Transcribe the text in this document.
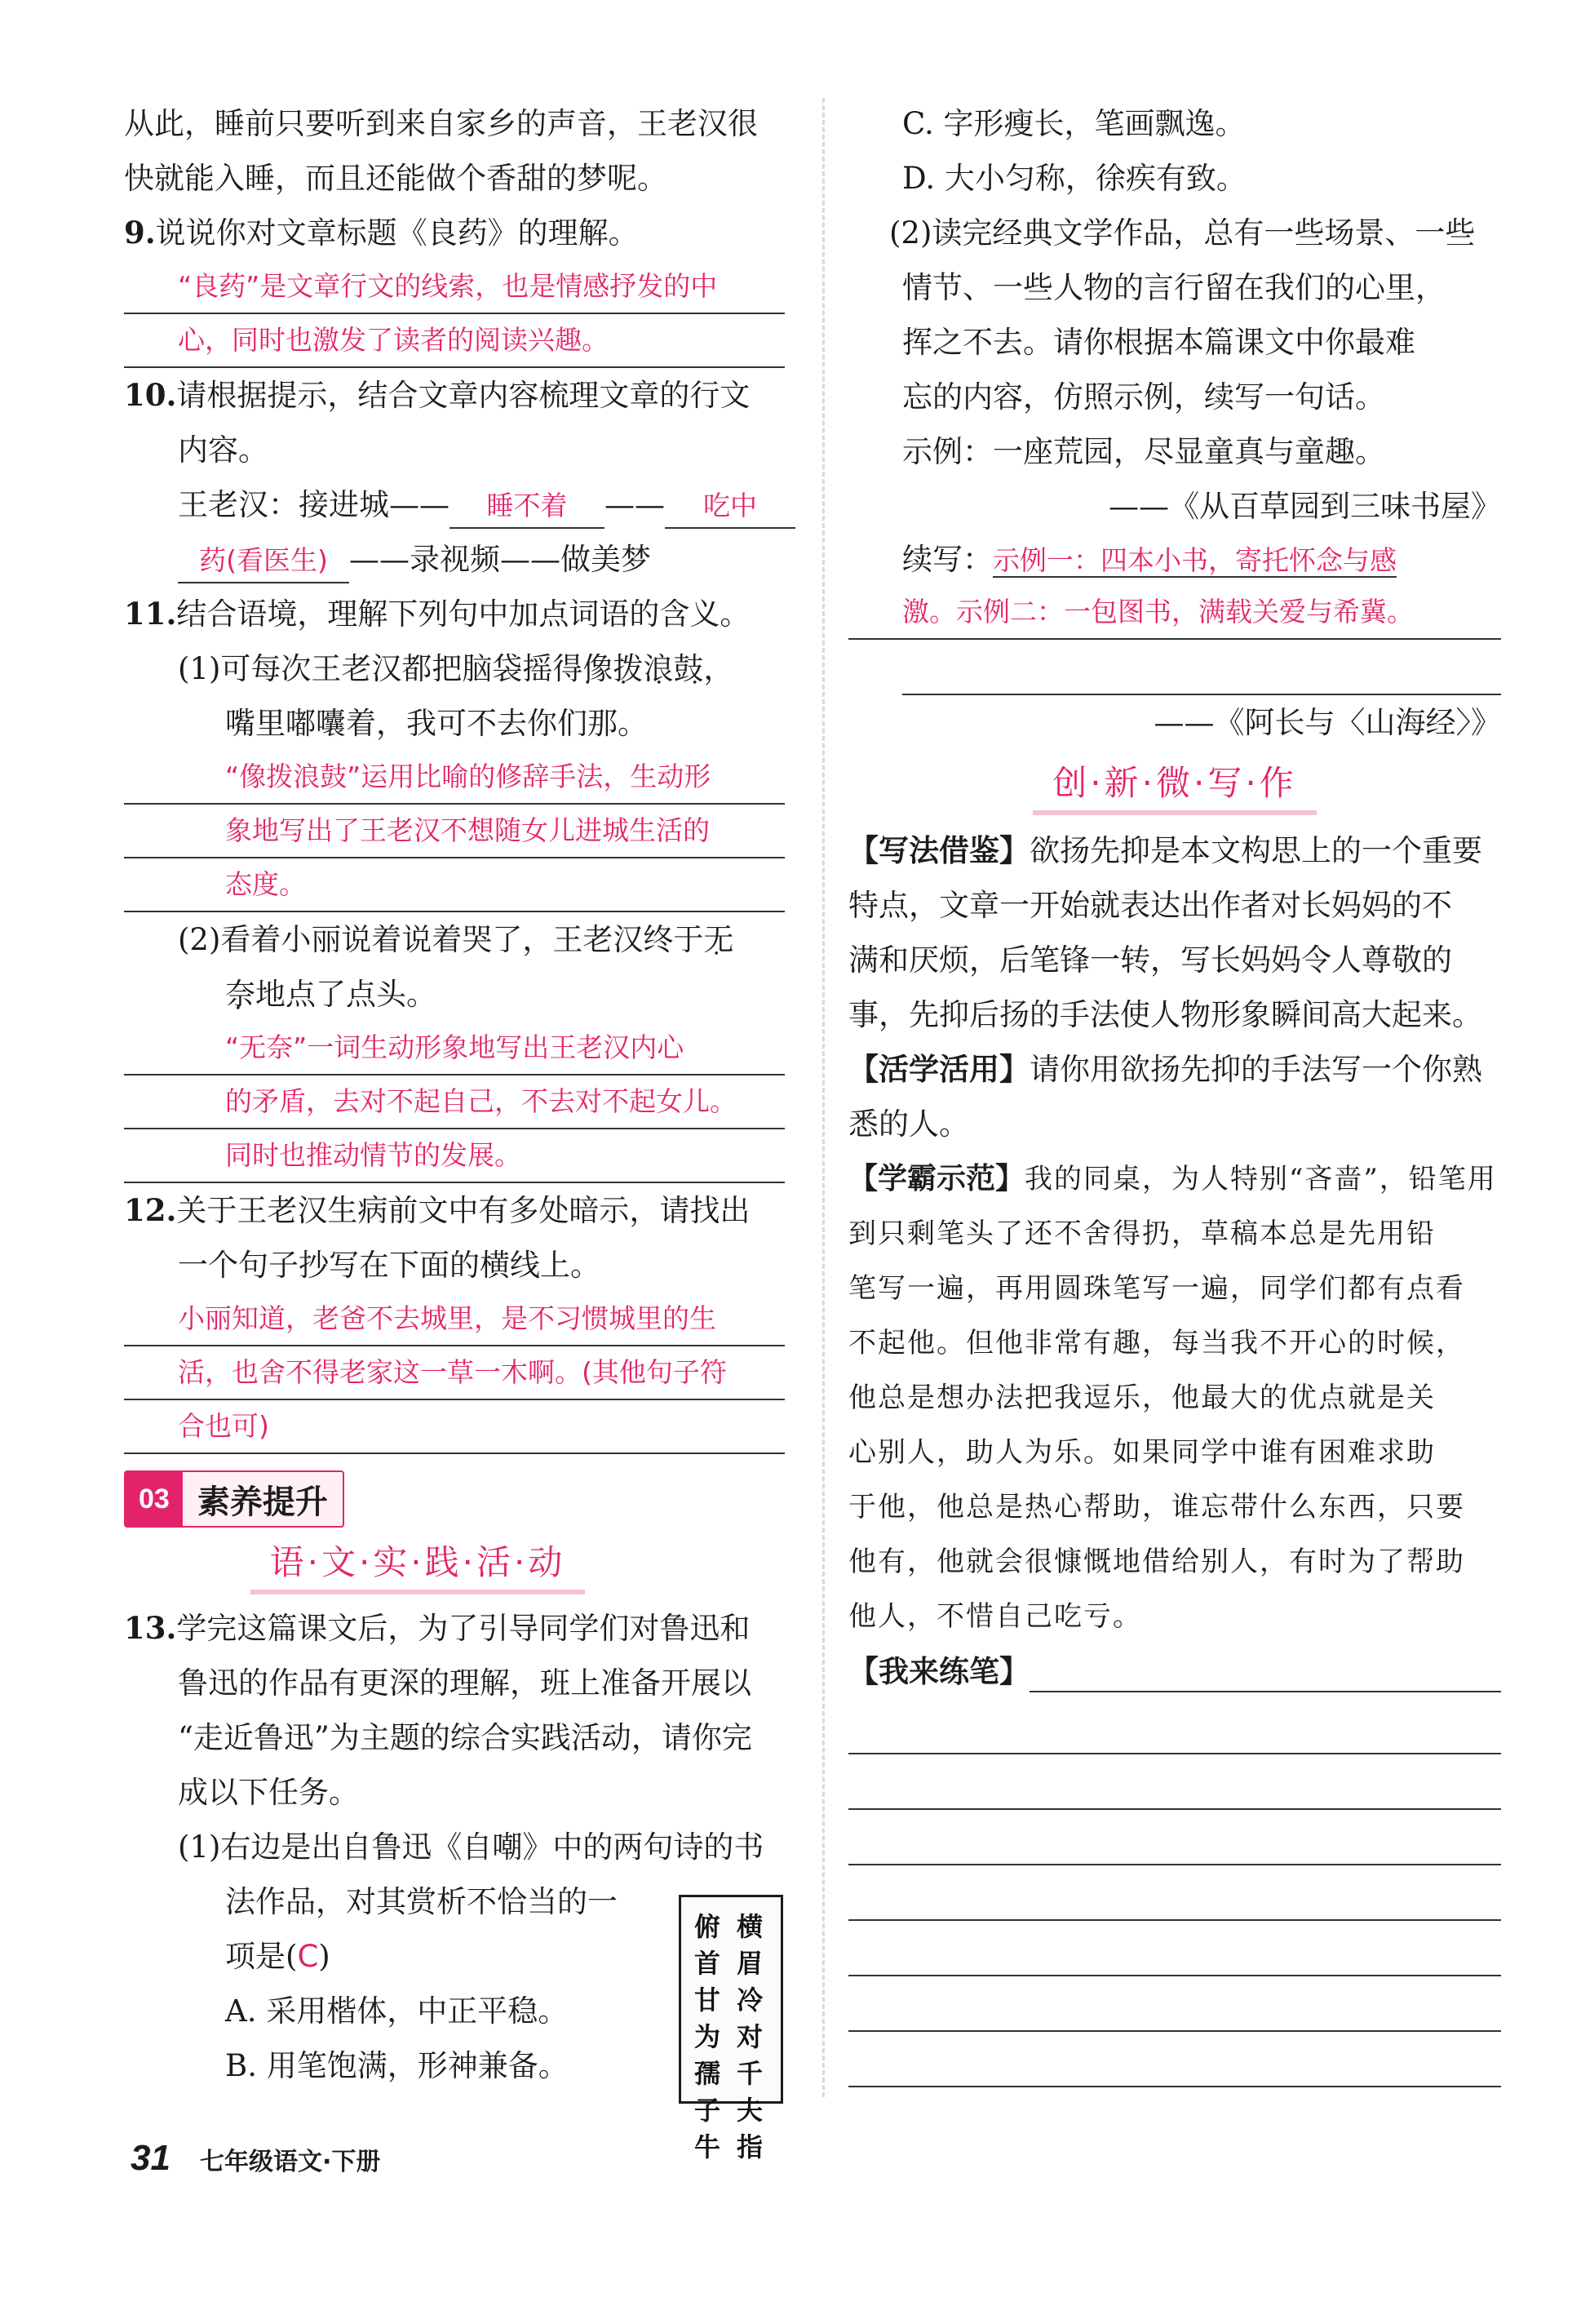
从此，睡前只要听到来自家乡的声音，王老汉很
快就能入睡，而且还能做个香甜的梦呢。
9.说说你对文章标题《良药》的理解。
“良药”是文章行文的线索，也是情感抒发的中
心，同时也激发了读者的阅读兴趣。
10.请根据提示，结合文章内容梳理文章的行文
内容。
王老汉：接进城—— 睡不着 —— 吃中
药(看医生) ——录视频——做美梦
11.结合语境，理解下列句中加点词语的含义。
(1)可每次王老汉都把脑袋摇得像拨浪鼓 • • • •，
嘴里嘟囔着，我可不去你们那。
“像拨浪鼓”运用比喻的修辞手法，生动形
象地写出了王老汉不想随女儿进城生活的
态度。
(2)看着小丽说着说着哭了，王老汉终于无
奈地点了点头。
“无奈”一词生动形象地写出王老汉内心
的矛盾，去对不起自己，不去对不起女儿。
同时也推动情节的发展。
12.关于王老汉生病前文中有多处暗示，请找出
一个句子抄写在下面的横线上。
小丽知道，老爸不去城里，是不习惯城里的生
活，也舍不得老家这一草一木啊。(其他句子符
合也可)
03 素养提升
语·文·实·践·活·动
13.学完这篇课文后，为了引导同学们对鲁迅和
鲁迅的作品有更深的理解，班上准备开展以
“走近鲁迅”为主题的综合实践活动，请你完
成以下任务。
(1)右边是出自鲁迅《自嘲》中的两句诗的书
法作品，对其赏析不恰当的一
项是(C)
A. 采用楷体，中正平稳。
B. 用笔饱满，形神兼备。
横
眉
冷
对
千
夫
指
俯
首
甘
为
孺
子
牛
C. 字形瘦长，笔画飘逸。
D. 大小匀称，徐疾有致。
(2)读完经典文学作品，总有一些场景、一些
情节、一些人物的言行留在我们的心里，
挥之不去。请你根据本篇课文中你最难
忘的内容，仿照示例，续写一句话。
示例：一座荒园，尽显童真与童趣。
——《从百草园到三味书屋》
续写：示例一：四本小书，寄托怀念与感
激。示例二：一包图书，满载关爱与希冀。
——《阿长与〈山海经〉》
创·新·微·写·作
【写法借鉴】欲扬先抑是本文构思上的一个重要
特点，文章一开始就表达出作者对长妈妈的不
满和厌烦，后笔锋一转，写长妈妈令人尊敬的
事，先抑后扬的手法使人物形象瞬间高大起来。
【活学活用】请你用欲扬先抑的手法写一个你熟
悉的人。
【学霸示范】我的同桌，为人特别“吝啬”，铅笔用
到只剩笔头了还不舍得扔，草稿本总是先用铅
笔写一遍，再用圆珠笔写一遍，同学们都有点看
不起他。但他非常有趣，每当我不开心的时候，
他总是想办法把我逗乐，他最大的优点就是关
心别人，助人为乐。如果同学中谁有困难求助
于他，他总是热心帮助，谁忘带什么东西，只要
他有，他就会很慷慨地借给别人，有时为了帮助
他人，不惜自己吃亏。
【我来练笔】
31 七年级语文·下册
